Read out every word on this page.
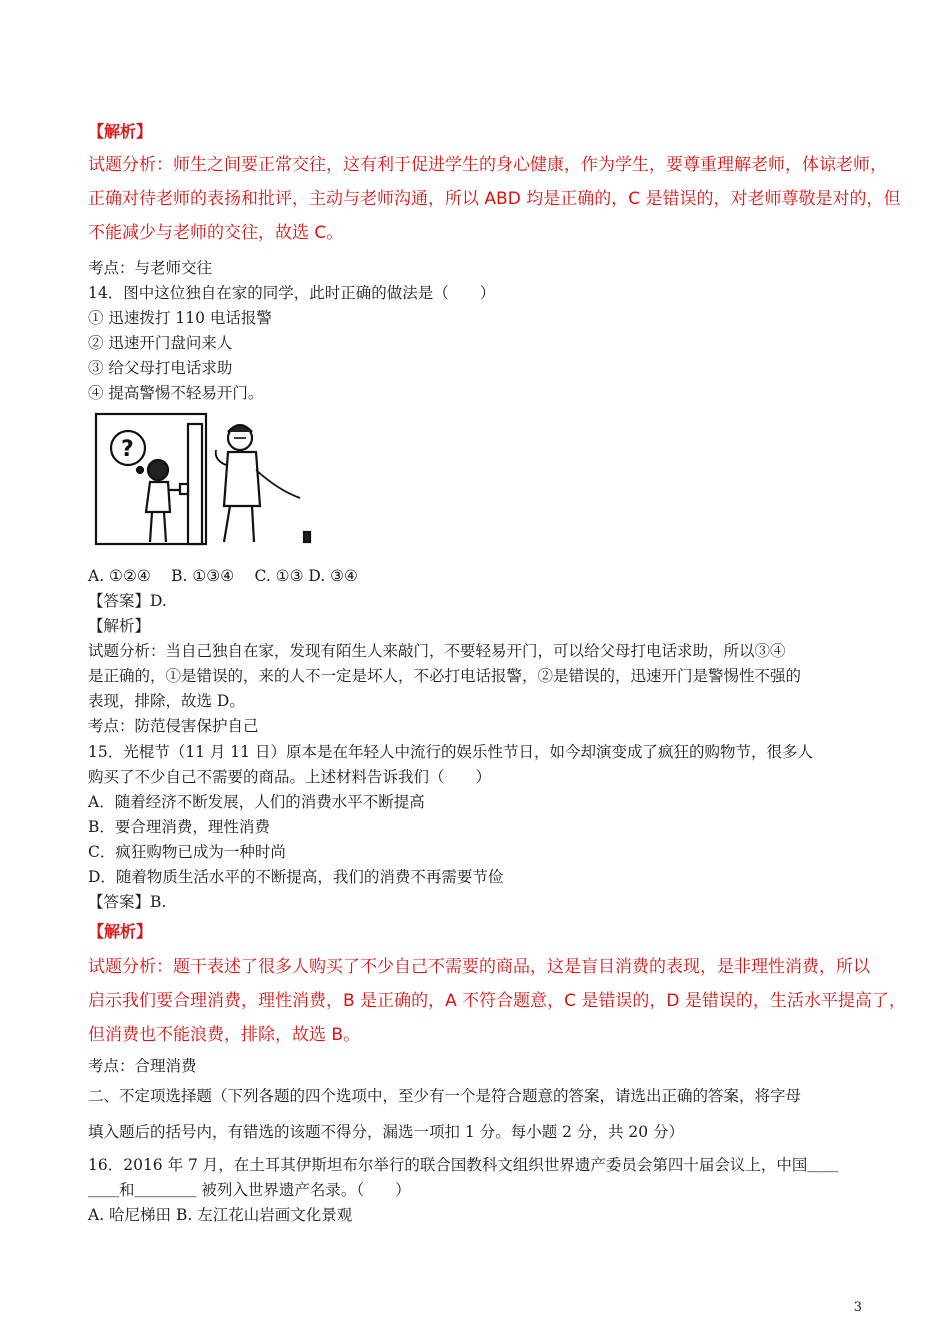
【解析】
试题分析：师生之间要正常交往，这有利于促进学生的身心健康，作为学生，要尊重理解老师，体谅老师，
正确对待老师的表扬和批评，主动与老师沟通，所以 ABD 均是正确的，C 是错误的，对老师尊敬是对的，但
不能减少与老师的交往，故选 C。
考点：与老师交往
14．图中这位独自在家的同学，此时正确的做法是（　　）
① 迅速拨打 110 电话报警
② 迅速开门盘问来人
③ 给父母打电话求助
④ 提高警惕不轻易开门。
?
A. ①②④　 B. ①③④　 C. ①③ D. ③④
【答案】D.
【解析】
试题分析：当自己独自在家，发现有陌生人来敲门，不要轻易开门，可以给父母打电话求助，所以③④
是正确的，①是错误的，来的人不一定是坏人，不必打电话报警，②是错误的，迅速开门是警惕性不强的
表现，排除，故选 D。
考点：防范侵害保护自己
15．光棍节（11 月 11 日）原本是在年轻人中流行的娱乐性节日，如今却演变成了疯狂的购物节，很多人
购买了不少自己不需要的商品。上述材料告诉我们（　　）
A．随着经济不断发展，人们的消费水平不断提高
B．要合理消费，理性消费
C．疯狂购物已成为一种时尚
D．随着物质生活水平的不断提高，我们的消费不再需要节俭
【答案】B.
【解析】
试题分析：题干表述了很多人购买了不少自己不需要的商品，这是盲目消费的表现，是非理性消费，所以
启示我们要合理消费，理性消费，B 是正确的，A 不符合题意，C 是错误的，D 是错误的，生活水平提高了，
但消费也不能浪费，排除，故选 B。
考点：合理消费
二、不定项选择题（下列各题的四个选项中，至少有一个是符合题意的答案，请选出正确的答案，将字母
填入题后的括号内，有错选的该题不得分，漏选一项扣 1 分。每小题 2 分，共 20 分）
16．2016 年 7 月，在土耳其伊斯坦布尔举行的联合国教科文组织世界遗产委员会第四十届会议上，中国＿＿
＿＿和＿＿＿＿ 被列入世界遗产名录。（　　）
A. 哈尼梯田 B. 左江花山岩画文化景观
3
